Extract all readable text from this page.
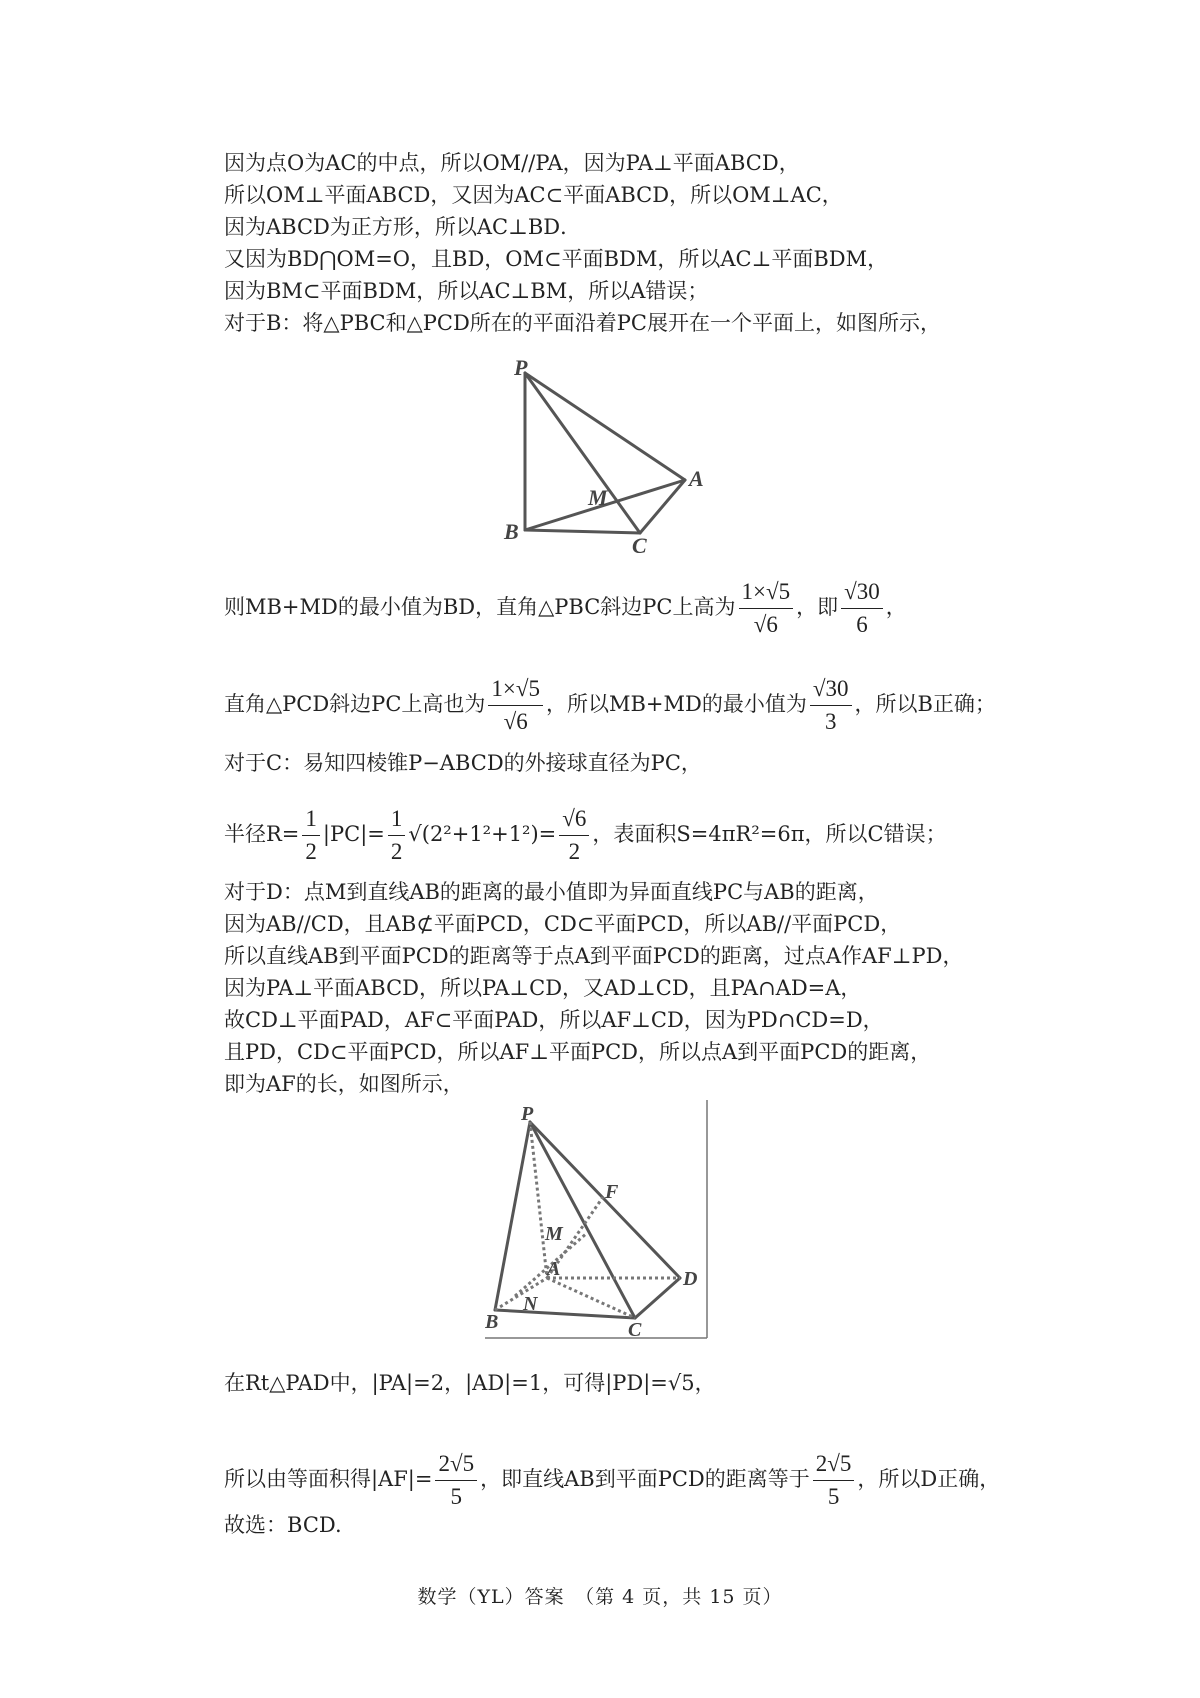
因为点O为AC的中点，所以OM//PA，因为PA⊥平面ABCD，
所以OM⊥平面ABCD，又因为AC⊂平面ABCD，所以OM⊥AC，
因为ABCD为正方形，所以AC⊥BD．
又因为BD⋂OM=O，且BD，OM⊂平面BDM，所以AC⊥平面BDM，
因为BM⊂平面BDM，所以AC⊥BM，所以A错误；
对于B：将△PBC和△PCD所在的平面沿着PC展开在一个平面上，如图所示，
P
A
M
B
C
则MB+MD的最小值为BD，直角△PBC斜边PC上高为 $\frac{1\times√5}{√6}$ ，即 $\frac{√30}{6}$ ，
直角△PCD斜边PC上高也为 $\frac{1\times√5}{√6}$ ，所以MB+MD的最小值为 $\frac{√30}{3}$ ，所以B正确；
对于C：易知四棱锥P−ABCD的外接球直径为PC，
半径$R= \frac{1}{2} |PC|= \frac{1}{2} √(2^2+1^2+1^2)= \frac{√6}{2}$ ，表面积S=4πR²=6π，所以C错误；
对于D：点M到直线AB的距离的最小值即为异面直线PC与AB的距离，
因为AB//CD，且AB⊄平面PCD，CD⊂平面PCD，所以AB//平面PCD，
所以直线AB到平面PCD的距离等于点A到平面PCD的距离，过点A作AF⊥PD，
因为PA⊥平面ABCD，所以PA⊥CD，又AD⊥CD，且PA∩AD=A，
故CD⊥平面PAD，AF⊂平面PAD，所以AF⊥CD，因为PD∩CD=D，
且PD，CD⊂平面PCD，所以AF⊥平面PCD，所以点A到平面PCD的距离，
即为AF的长，如图所示，
P
F
M
A	D
N
B	C
在Rt△PAD中，|PA|=2，|AD|=1，可得|PD|=√5，
所以由等面积得$|AF|= \frac{2√5}{5}$ ，即直线AB到平面PCD的距离等于 $\frac{2√5}{5}$ ，所以D正确，
故选：BCD.
数学（YL）答案　（第 4 页，共 15 页）
